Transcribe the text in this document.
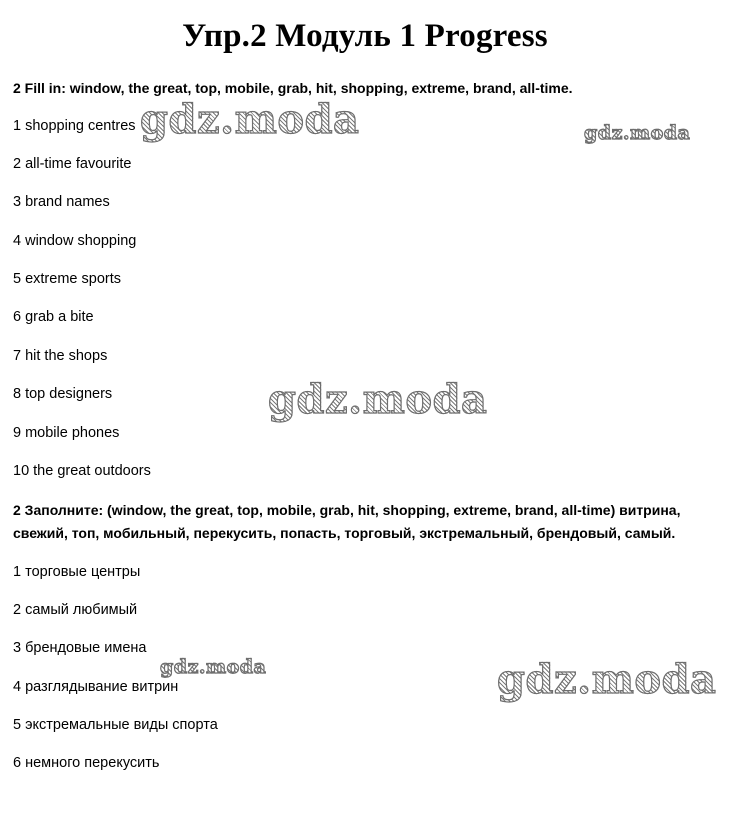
Упр.2 Модуль 1 Progress
2 Fill in: window, the great, top, mobile, grab, hit, shopping, extreme, brand, all-time.
1 shopping centres
2 all-time favourite
3 brand names
4 window shopping
5 extreme sports
6 grab a bite
7 hit the shops
8 top designers
9 mobile phones
10 the great outdoors
2 Заполните: (window, the great, top, mobile, grab, hit, shopping, extreme, brand, all-time) витрина,
свежий, топ, мобильный, перекусить, попасть, торговый, экстремальный, брендовый, самый.
1 торговые центры
2 самый любимый
3 брендовые имена
4 разглядывание витрин
5 экстремальные виды спорта
6 немного перекусить
gdz.moda	gdz.moda
gdz.moda
gdz.moda	gdz.moda
